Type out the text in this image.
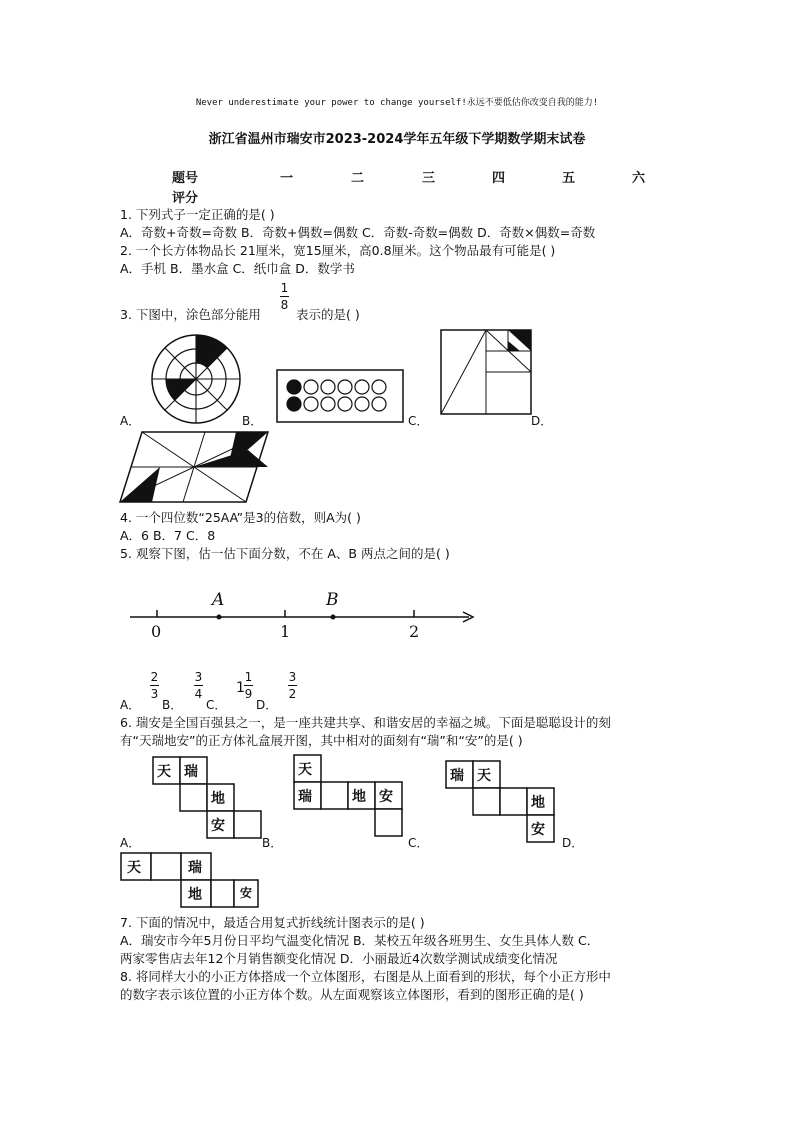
Never underestimate your power to change yourself!永远不要低估你改变自我的能力!
浙江省温州市瑞安市2023-2024学年五年级下学期数学期末试卷
题号	一	二	三	四	五	六
评分
1. 下列式子一定正确的是( )
A．奇数+奇数=奇数 B．奇数+偶数=偶数 C．奇数-奇数=偶数 D．奇数×偶数=奇数
2. 一个长方体物品长 21厘米，宽15厘米，高0.8厘米。这个物品最有可能是( )
A．手机 B．墨水盒 C．纸巾盒 D．数学书
3. 下图中，涂色部分能用
1
8
表示的是( )
A．	B．	C．	D．
4. 一个四位数“25AA”是3的倍数，则A为( )
A．6 B．7 C．8
5. 观察下图，估一估下面分数，不在 A、B 两点之间的是( )
A	B
0	1	2
A．
2
3
B．
3
4
C．
1
1
9
D．
3
2
6. 瑞安是全国百强县之一，是一座共建共享、和谐安居的幸福之城。下面是聪聪设计的刻
有“天瑞地安”的正方体礼盒展开图，其中相对的面刻有“瑞”和“安”的是( )
天 瑞
地
安
A．
天
瑞	地 安
B．
瑞 天
地
安
C．	D．
天	瑞
地	安
7. 下面的情况中，最适合用复式折线统计图表示的是( )
A．瑞安市今年5月份日平均气温变化情况 B．某校五年级各班男生、女生具体人数 C．
两家零售店去年12个月销售额变化情况 D．小丽最近4次数学测试成绩变化情况
8. 将同样大小的小正方体搭成一个立体图形，右图是从上面看到的形状，每个小正方形中
的数字表示该位置的小正方体个数。从左面观察该立体图形，看到的图形正确的是( )
